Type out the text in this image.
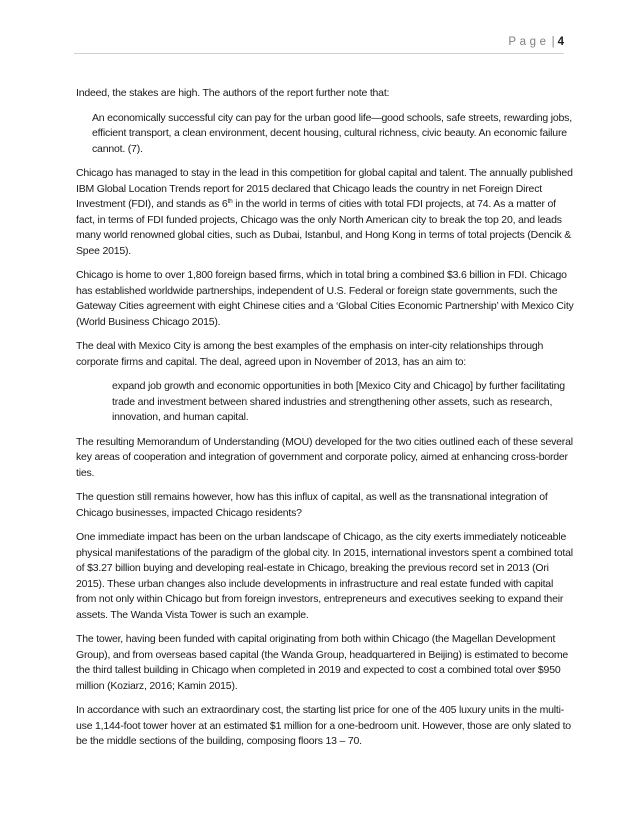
Page | 4

Indeed, the stakes are high. The authors of the report further note that:

An economically successful city can pay for the urban good life—good schools, safe streets, rewarding jobs, efficient transport, a clean environment, decent housing, cultural richness, civic beauty. An economic failure cannot. (7).

Chicago has managed to stay in the lead in this competition for global capital and talent. The annually published IBM Global Location Trends report for 2015 declared that Chicago leads the country in net Foreign Direct Investment (FDI), and stands as 6th in the world in terms of cities with total FDI projects, at 74. As a matter of fact, in terms of FDI funded projects, Chicago was the only North American city to break the top 20, and leads many world renowned global cities, such as Dubai, Istanbul, and Hong Kong in terms of total projects (Dencik & Spee 2015).

Chicago is home to over 1,800 foreign based firms, which in total bring a combined $3.6 billion in FDI. Chicago has established worldwide partnerships, independent of U.S. Federal or foreign state governments, such the Gateway Cities agreement with eight Chinese cities and a ‘Global Cities Economic Partnership’ with Mexico City (World Business Chicago 2015).

The deal with Mexico City is among the best examples of the emphasis on inter-city relationships through corporate firms and capital. The deal, agreed upon in November of 2013, has an aim to:

expand job growth and economic opportunities in both [Mexico City and Chicago] by further facilitating trade and investment between shared industries and strengthening other assets, such as research, innovation, and human capital.

The resulting Memorandum of Understanding (MOU) developed for the two cities outlined each of these several key areas of cooperation and integration of government and corporate policy, aimed at enhancing cross-border ties.

The question still remains however, how has this influx of capital, as well as the transnational integration of Chicago businesses, impacted Chicago residents?

One immediate impact has been on the urban landscape of Chicago, as the city exerts immediately noticeable physical manifestations of the paradigm of the global city. In 2015, international investors spent a combined total of $3.27 billion buying and developing real-estate in Chicago, breaking the previous record set in 2013 (Ori 2015). These urban changes also include developments in infrastructure and real estate funded with capital from not only within Chicago but from foreign investors, entrepreneurs and executives seeking to expand their assets. The Wanda Vista Tower is such an example.

The tower, having been funded with capital originating from both within Chicago (the Magellan Development Group), and from overseas based capital (the Wanda Group, headquartered in Beijing) is estimated to become the third tallest building in Chicago when completed in 2019 and expected to cost a combined total over $950 million (Koziarz, 2016; Kamin 2015).

In accordance with such an extraordinary cost, the starting list price for one of the 405 luxury units in the multi-use 1,144-foot tower hover at an estimated $1 million for a one-bedroom unit. However, those are only slated to be the middle sections of the building, composing floors 13 – 70.
